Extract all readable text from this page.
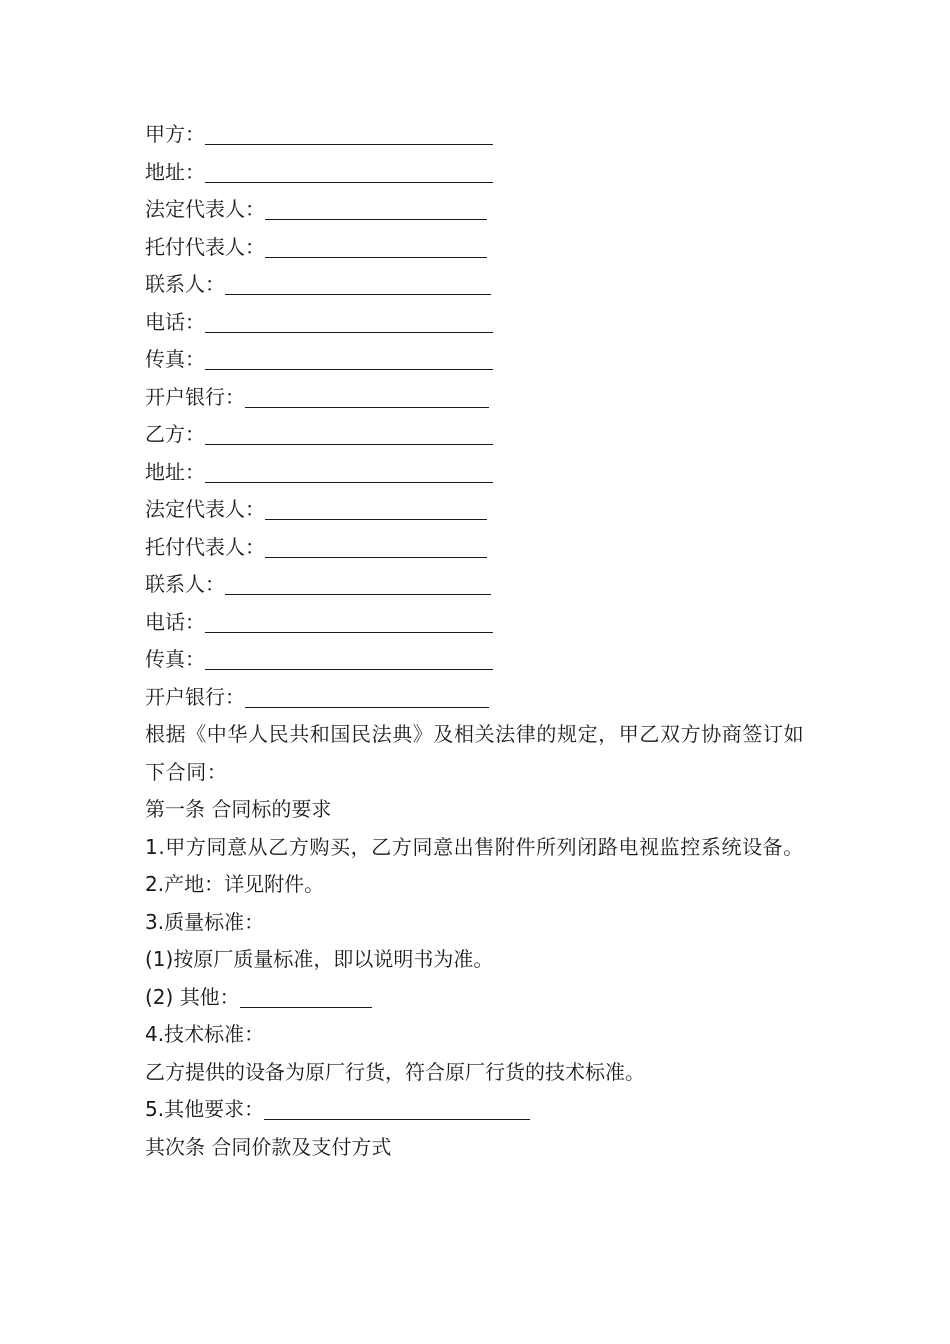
甲方：
地址：
法定代表人：
托付代表人：
联系人：
电话：
传真：
开户银行：
乙方：
地址：
法定代表人：
托付代表人：
联系人：
电话：
传真：
开户银行：

根据《中华人民共和国民法典》及相关法律的规定，甲乙双方协商签订如下合同：

第一条 合同标的要求

1.甲方同意从乙方购买，乙方同意出售附件所列闭路电视监控系统设备。

2.产地：详见附件。
3.质量标准：
(1)按原厂质量标准，即以说明书为准。
(2) 其他：
4.技术标准：
乙方提供的设备为原厂行货，符合原厂行货的技术标准。
5.其他要求：
其次条 合同价款及支付方式
